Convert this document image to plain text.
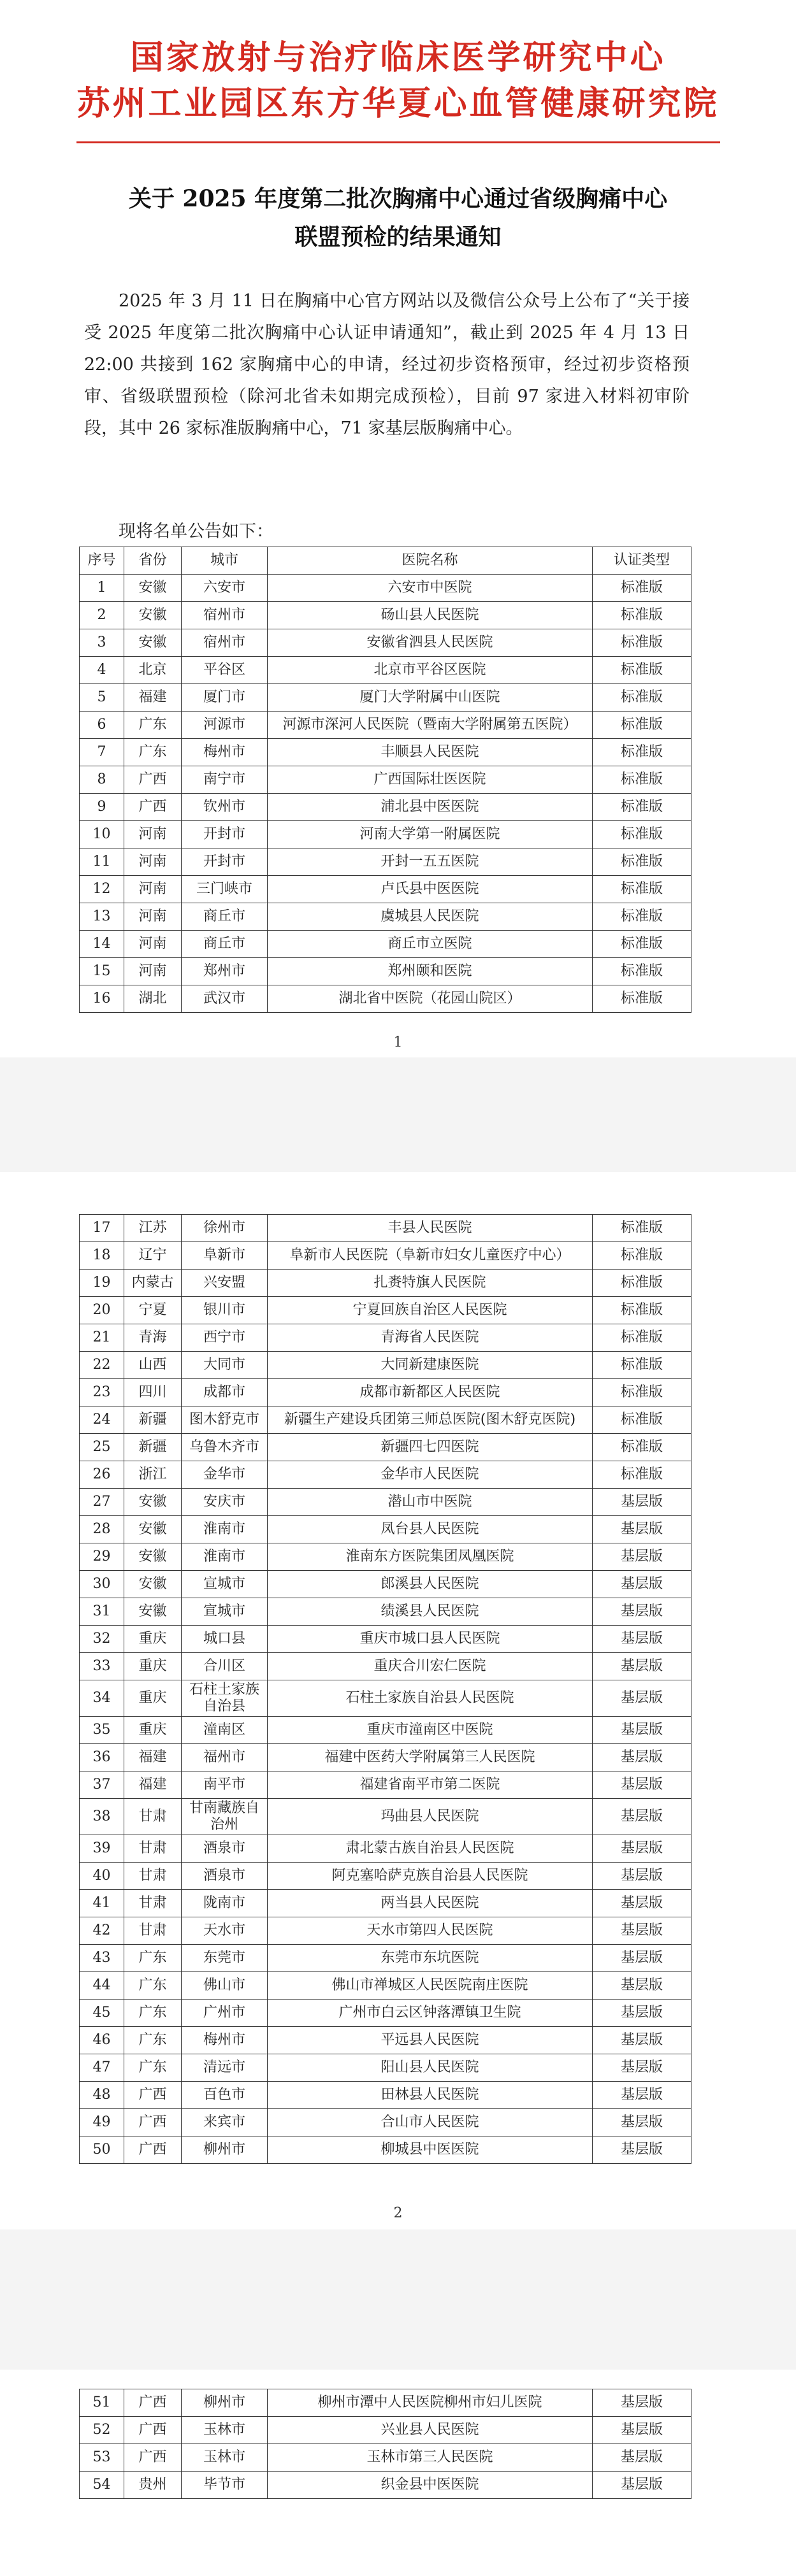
国家放射与治疗临床医学研究中心
苏州工业园区东方华夏心血管健康研究院
关于 2025 年度第二批次胸痛中心通过省级胸痛中心
联盟预检的结果通知
2025 年 3 月 11 日在胸痛中心官方网站以及微信公众号上公布了“关于接受 2025 年度第二批次胸痛中心认证申请通知”，截止到 2025 年 4 月 13 日 22:00 共接到 162 家胸痛中心的申请，经过初步资格预审，经过初步资格预审、省级联盟预检（除河北省未如期完成预检），目前 97 家进入材料初审阶段，其中 26 家标准版胸痛中心，71 家基层版胸痛中心。
现将名单公告如下：
序号	省份	城市	医院名称	认证类型
1	安徽	六安市	六安市中医院	标准版
2	安徽	宿州市	砀山县人民医院	标准版
3	安徽	宿州市	安徽省泗县人民医院	标准版
4	北京	平谷区	北京市平谷区医院	标准版
5	福建	厦门市	厦门大学附属中山医院	标准版
6	广东	河源市	河源市深河人民医院（暨南大学附属第五医院）	标准版
7	广东	梅州市	丰顺县人民医院	标准版
8	广西	南宁市	广西国际壮医医院	标准版
9	广西	钦州市	浦北县中医医院	标准版
10	河南	开封市	河南大学第一附属医院	标准版
11	河南	开封市	开封一五五医院	标准版
12	河南	三门峡市	卢氏县中医医院	标准版
13	河南	商丘市	虞城县人民医院	标准版
14	河南	商丘市	商丘市立医院	标准版
15	河南	郑州市	郑州颐和医院	标准版
16	湖北	武汉市	湖北省中医院（花园山院区）	标准版
1
17	江苏	徐州市	丰县人民医院	标准版
18	辽宁	阜新市	阜新市人民医院（阜新市妇女儿童医疗中心）	标准版
19	内蒙古	兴安盟	扎赉特旗人民医院	标准版
20	宁夏	银川市	宁夏回族自治区人民医院	标准版
21	青海	西宁市	青海省人民医院	标准版
22	山西	大同市	大同新建康医院	标准版
23	四川	成都市	成都市新都区人民医院	标准版
24	新疆	图木舒克市	新疆生产建设兵团第三师总医院(图木舒克医院)	标准版
25	新疆	乌鲁木齐市	新疆四七四医院	标准版
26	浙江	金华市	金华市人民医院	标准版
27	安徽	安庆市	潜山市中医院	基层版
28	安徽	淮南市	凤台县人民医院	基层版
29	安徽	淮南市	淮南东方医院集团凤凰医院	基层版
30	安徽	宣城市	郎溪县人民医院	基层版
31	安徽	宣城市	绩溪县人民医院	基层版
32	重庆	城口县	重庆市城口县人民医院	基层版
33	重庆	合川区	重庆合川宏仁医院	基层版
34	重庆	石柱土家族自治县	石柱土家族自治县人民医院	基层版
35	重庆	潼南区	重庆市潼南区中医院	基层版
36	福建	福州市	福建中医药大学附属第三人民医院	基层版
37	福建	南平市	福建省南平市第二医院	基层版
38	甘肃	甘南藏族自治州	玛曲县人民医院	基层版
39	甘肃	酒泉市	肃北蒙古族自治县人民医院	基层版
40	甘肃	酒泉市	阿克塞哈萨克族自治县人民医院	基层版
41	甘肃	陇南市	两当县人民医院	基层版
42	甘肃	天水市	天水市第四人民医院	基层版
43	广东	东莞市	东莞市东坑医院	基层版
44	广东	佛山市	佛山市禅城区人民医院南庄医院	基层版
45	广东	广州市	广州市白云区钟落潭镇卫生院	基层版
46	广东	梅州市	平远县人民医院	基层版
47	广东	清远市	阳山县人民医院	基层版
48	广西	百色市	田林县人民医院	基层版
49	广西	来宾市	合山市人民医院	基层版
50	广西	柳州市	柳城县中医医院	基层版
2
51	广西	柳州市	柳州市潭中人民医院柳州市妇儿医院	基层版
52	广西	玉林市	兴业县人民医院	基层版
53	广西	玉林市	玉林市第三人民医院	基层版
54	贵州	毕节市	织金县中医医院	基层版
